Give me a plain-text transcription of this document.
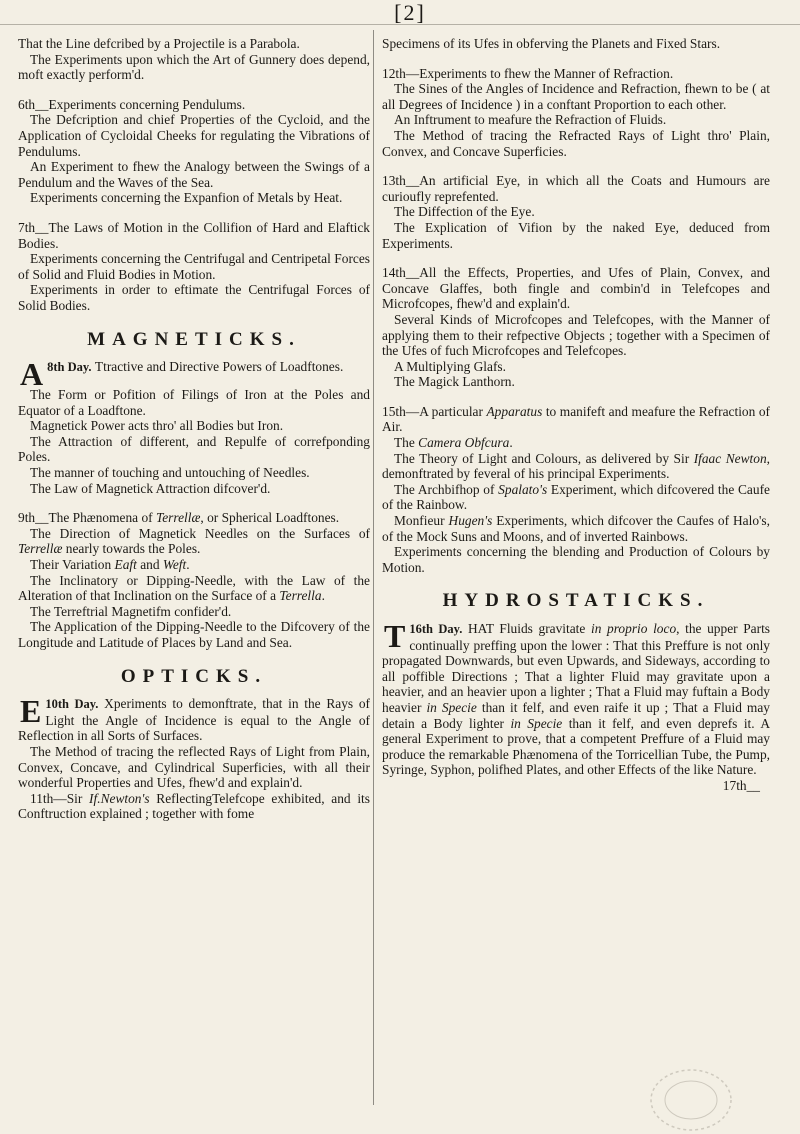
[2]

That the Line defcribed by a Projectile is a Parabola.

The Experiments upon which the Art of Gunnery does depend, moft exactly perform'd.

6th__Experiments concerning Pendulums.

The Defcription and chief Properties of the Cycloid, and the Application of Cycloidal Cheeks for regulating the Vibrations of Pendulums.

An Experiment to fhew the Analogy between the Swings of a Pendulum and the Waves of the Sea.

Experiments concerning the Expanfion of Metals by Heat.

7th__The Laws of Motion in the Collifion of Hard and Elaftick Bodies.

Experiments concerning the Centrifugal and Centripetal Forces of Solid and Fluid Bodies in Motion.

Experiments in order to eftimate the Centrifugal Forces of Solid Bodies.

MAGNETICKS.

8th Day.
A	Ttractive and Directive Powers of Loadftones.

The Form or Pofition of Filings of Iron at the Poles and Equator of a Loadftone.

Magnetick Power acts thro' all Bodies but Iron.

The Attraction of different, and Repulfe of correfponding Poles.

The manner of touching and untouching of Needles.

The Law of Magnetick Attraction difcover'd.

9th__The Phænomena of Terrellæ, or Spherical Loadftones.

The Direction of Magnetick Needles on the Surfaces of Terrellæ nearly towards the Poles.

Their Variation Eaft and Weft.

The Inclinatory or Dipping-Needle, with the Law of the Alteration of that Inclination on the Surface of a Terrella.

The Terreftrial Magnetifm confider'd.

The Application of the Dipping-Needle to the Difcovery of the Longitude and Latitude of Places by Land and Sea.

OPTICKS.

10th Day.
E	Xperiments to demonftrate, that in the Rays of Light the Angle of Incidence is equal to the Angle of Reflection in all Sorts of Surfaces.

The Method of tracing the reflected Rays of Light from Plain, Convex, Concave, and Cylindrical Superficies, with all their wonderful Properties and Ufes, fhew'd and explain'd.

11th—Sir If.Newton's ReflectingTelefcope exhibited, and its Conftruction explained ; together with fome

Specimens of its Ufes in obferving the Planets and Fixed Stars.

12th—Experiments to fhew the Manner of Refraction.

The Sines of the Angles of Incidence and Refraction, fhewn to be ( at all Degrees of Incidence ) in a conftant Proportion to each other.

An Inftrument to meafure the Refraction of Fluids.

The Method of tracing the Refracted Rays of Light thro' Plain, Convex, and Concave Superficies.

13th__An artificial Eye, in which all the Coats and Humours are curioufly reprefented.

The Diffection of the Eye.

The Explication of Vifion by the naked Eye, deduced from Experiments.

14th__All the Effects, Properties, and Ufes of Plain, Convex, and Concave Glaffes, both fingle and combin'd in Telefcopes and Microfcopes, fhew'd and explain'd.

Several Kinds of Microfcopes and Telefcopes, with the Manner of applying them to their refpective Objects ; together with a Specimen of the Ufes of fuch Microfcopes and Telefcopes.

A Multiplying Glafs.

The Magick Lanthorn.

15th—A particular Apparatus to manifeft and meafure the Refraction of Air.

The Camera Obfcura.

The Theory of Light and Colours, as delivered by Sir Ifaac Newton, demonftrated by feveral of his principal Experiments.

The Archbifhop of Spalato's Experiment, which difcovered the Caufe of the Rainbow.

Monfieur Hugen's Experiments, which difcover the Caufes of Halo's, of the Mock Suns and Moons, and of inverted Rainbows.

Experiments concerning the blending and Production of Colours by Motion.

HYDROSTATICKS.

16th Day.
T	HAT Fluids gravitate in proprio loco, the upper Parts continually preffing upon the lower : That this Preffure is not only propagated Downwards, but even Upwards, and Sideways, according to all poffible Directions ; That a lighter Fluid may gravitate upon a heavier, and an heavier upon a lighter ; That a Fluid may fuftain a Body heavier in Specie than it felf, and even raife it up ; That a Fluid may detain a Body lighter in Specie than it felf, and even deprefs it. A general Experiment to prove, that a competent Preffure of a Fluid may produce the remarkable Phænomena of the Torricellian Tube, the Pump, Syringe, Syphon, polifhed Plates, and other Effects of the like Nature.

17th__
